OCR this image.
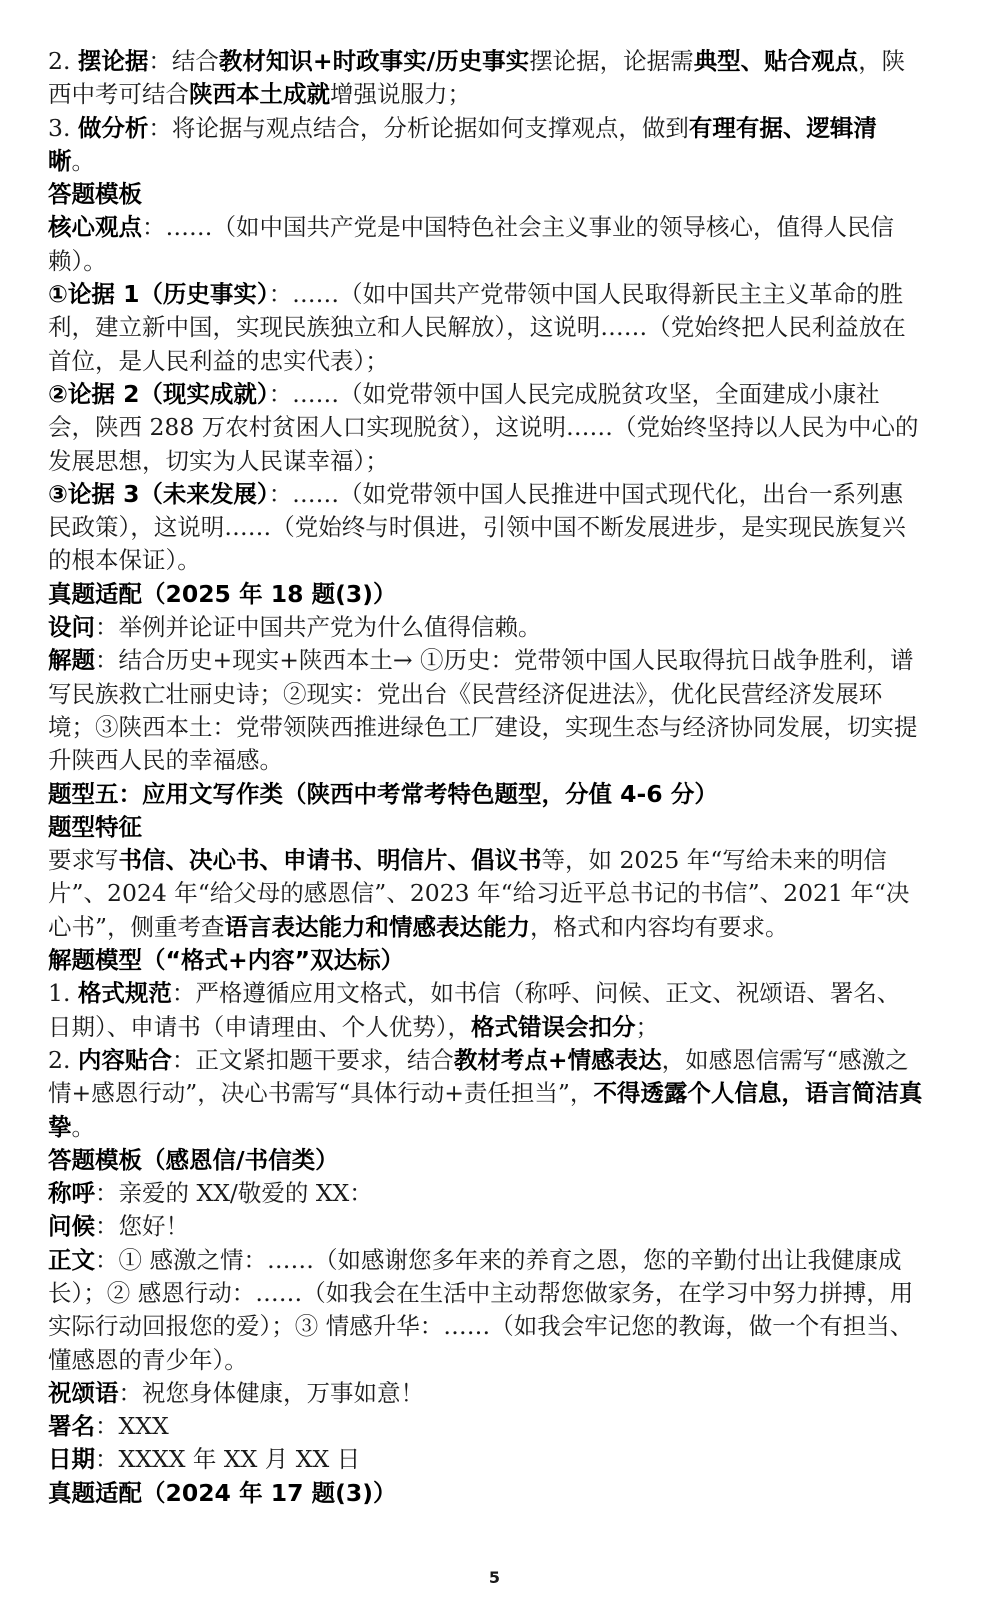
2. 摆论据：结合教材知识+时政事实/历史事实摆论据，论据需典型、贴合观点，陕西中考可结合陕西本土成就增强说服力；

3. 做分析：将论据与观点结合，分析论据如何支撑观点，做到有理有据、逻辑清晰。

答题模板

核心观点：……（如中国共产党是中国特色社会主义事业的领导核心，值得人民信赖）。

①论据 1（历史事实）：……（如中国共产党带领中国人民取得新民主主义革命的胜利，建立新中国，实现民族独立和人民解放），这说明……（党始终把人民利益放在首位，是人民利益的忠实代表）；

②论据 2（现实成就）：……（如党带领中国人民完成脱贫攻坚，全面建成小康社会，陕西 288 万农村贫困人口实现脱贫），这说明……（党始终坚持以人民为中心的发展思想，切实为人民谋幸福）；

③论据 3（未来发展）：……（如党带领中国人民推进中国式现代化，出台一系列惠民政策），这说明……（党始终与时俱进，引领中国不断发展进步，是实现民族复兴的根本保证）。

真题适配（2025 年 18 题(3)）

设问：举例并论证中国共产党为什么值得信赖。

解题：结合历史+现实+陕西本土→ ①历史：党带领中国人民取得抗日战争胜利，谱写民族救亡壮丽史诗；②现实：党出台《民营经济促进法》，优化民营经济发展环境；③陕西本土：党带领陕西推进绿色工厂建设，实现生态与经济协同发展，切实提升陕西人民的幸福感。

题型五：应用文写作类（陕西中考常考特色题型，分值 4-6 分）
题型特征

要求写书信、决心书、申请书、明信片、倡议书等，如 2025 年“写给未来的明信片”、2024 年“给父母的感恩信”、2023 年“给习近平总书记的书信”、2021 年“决心书”，侧重考查语言表达能力和情感表达能力，格式和内容均有要求。

解题模型（“格式+内容”双达标）

1. 格式规范：严格遵循应用文格式，如书信（称呼、问候、正文、祝颂语、署名、日期）、申请书（申请理由、个人优势），格式错误会扣分；

2. 内容贴合：正文紧扣题干要求，结合教材考点+情感表达，如感恩信需写“感激之情+感恩行动”，决心书需写“具体行动+责任担当”，不得透露个人信息，语言简洁真挚。

答题模板（感恩信/书信类）

称呼：亲爱的 XX/敬爱的 XX：

问候：您好！

正文：① 感激之情：……（如感谢您多年来的养育之恩，您的辛勤付出让我健康成长）；② 感恩行动：……（如我会在生活中主动帮您做家务，在学习中努力拼搏，用实际行动回报您的爱）；③ 情感升华：……（如我会牢记您的教诲，做一个有担当、懂感恩的青少年）。

祝颂语：祝您身体健康，万事如意！

署名：XXX

日期：XXXX 年 XX 月 XX 日

真题适配（2024 年 17 题(3)）
5
